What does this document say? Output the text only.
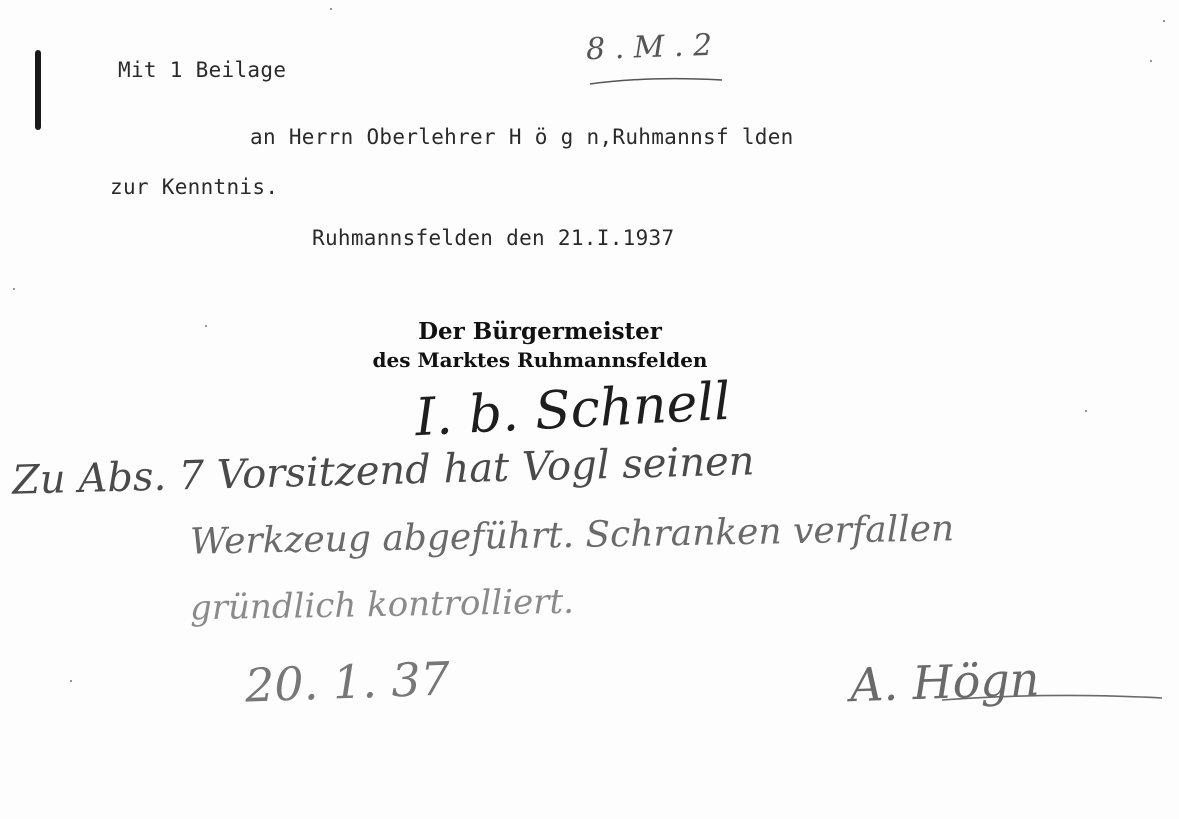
8 . M . 2
Mit 1 Beilage
an Herrn Oberlehrer H ö g n,Ruhmannsf lden
zur Kenntnis.
Ruhmannsfelden den 21.I.1937
Der Bürgermeister
des Marktes Ruhmannsfelden
I. b. Schnell
Zu Abs. 7 Vorsitzend hat Vogl seinen
Werkzeug abgeführt. Schranken verfallen
gründlich kontrolliert.
20. 1. 37	A. Högn
